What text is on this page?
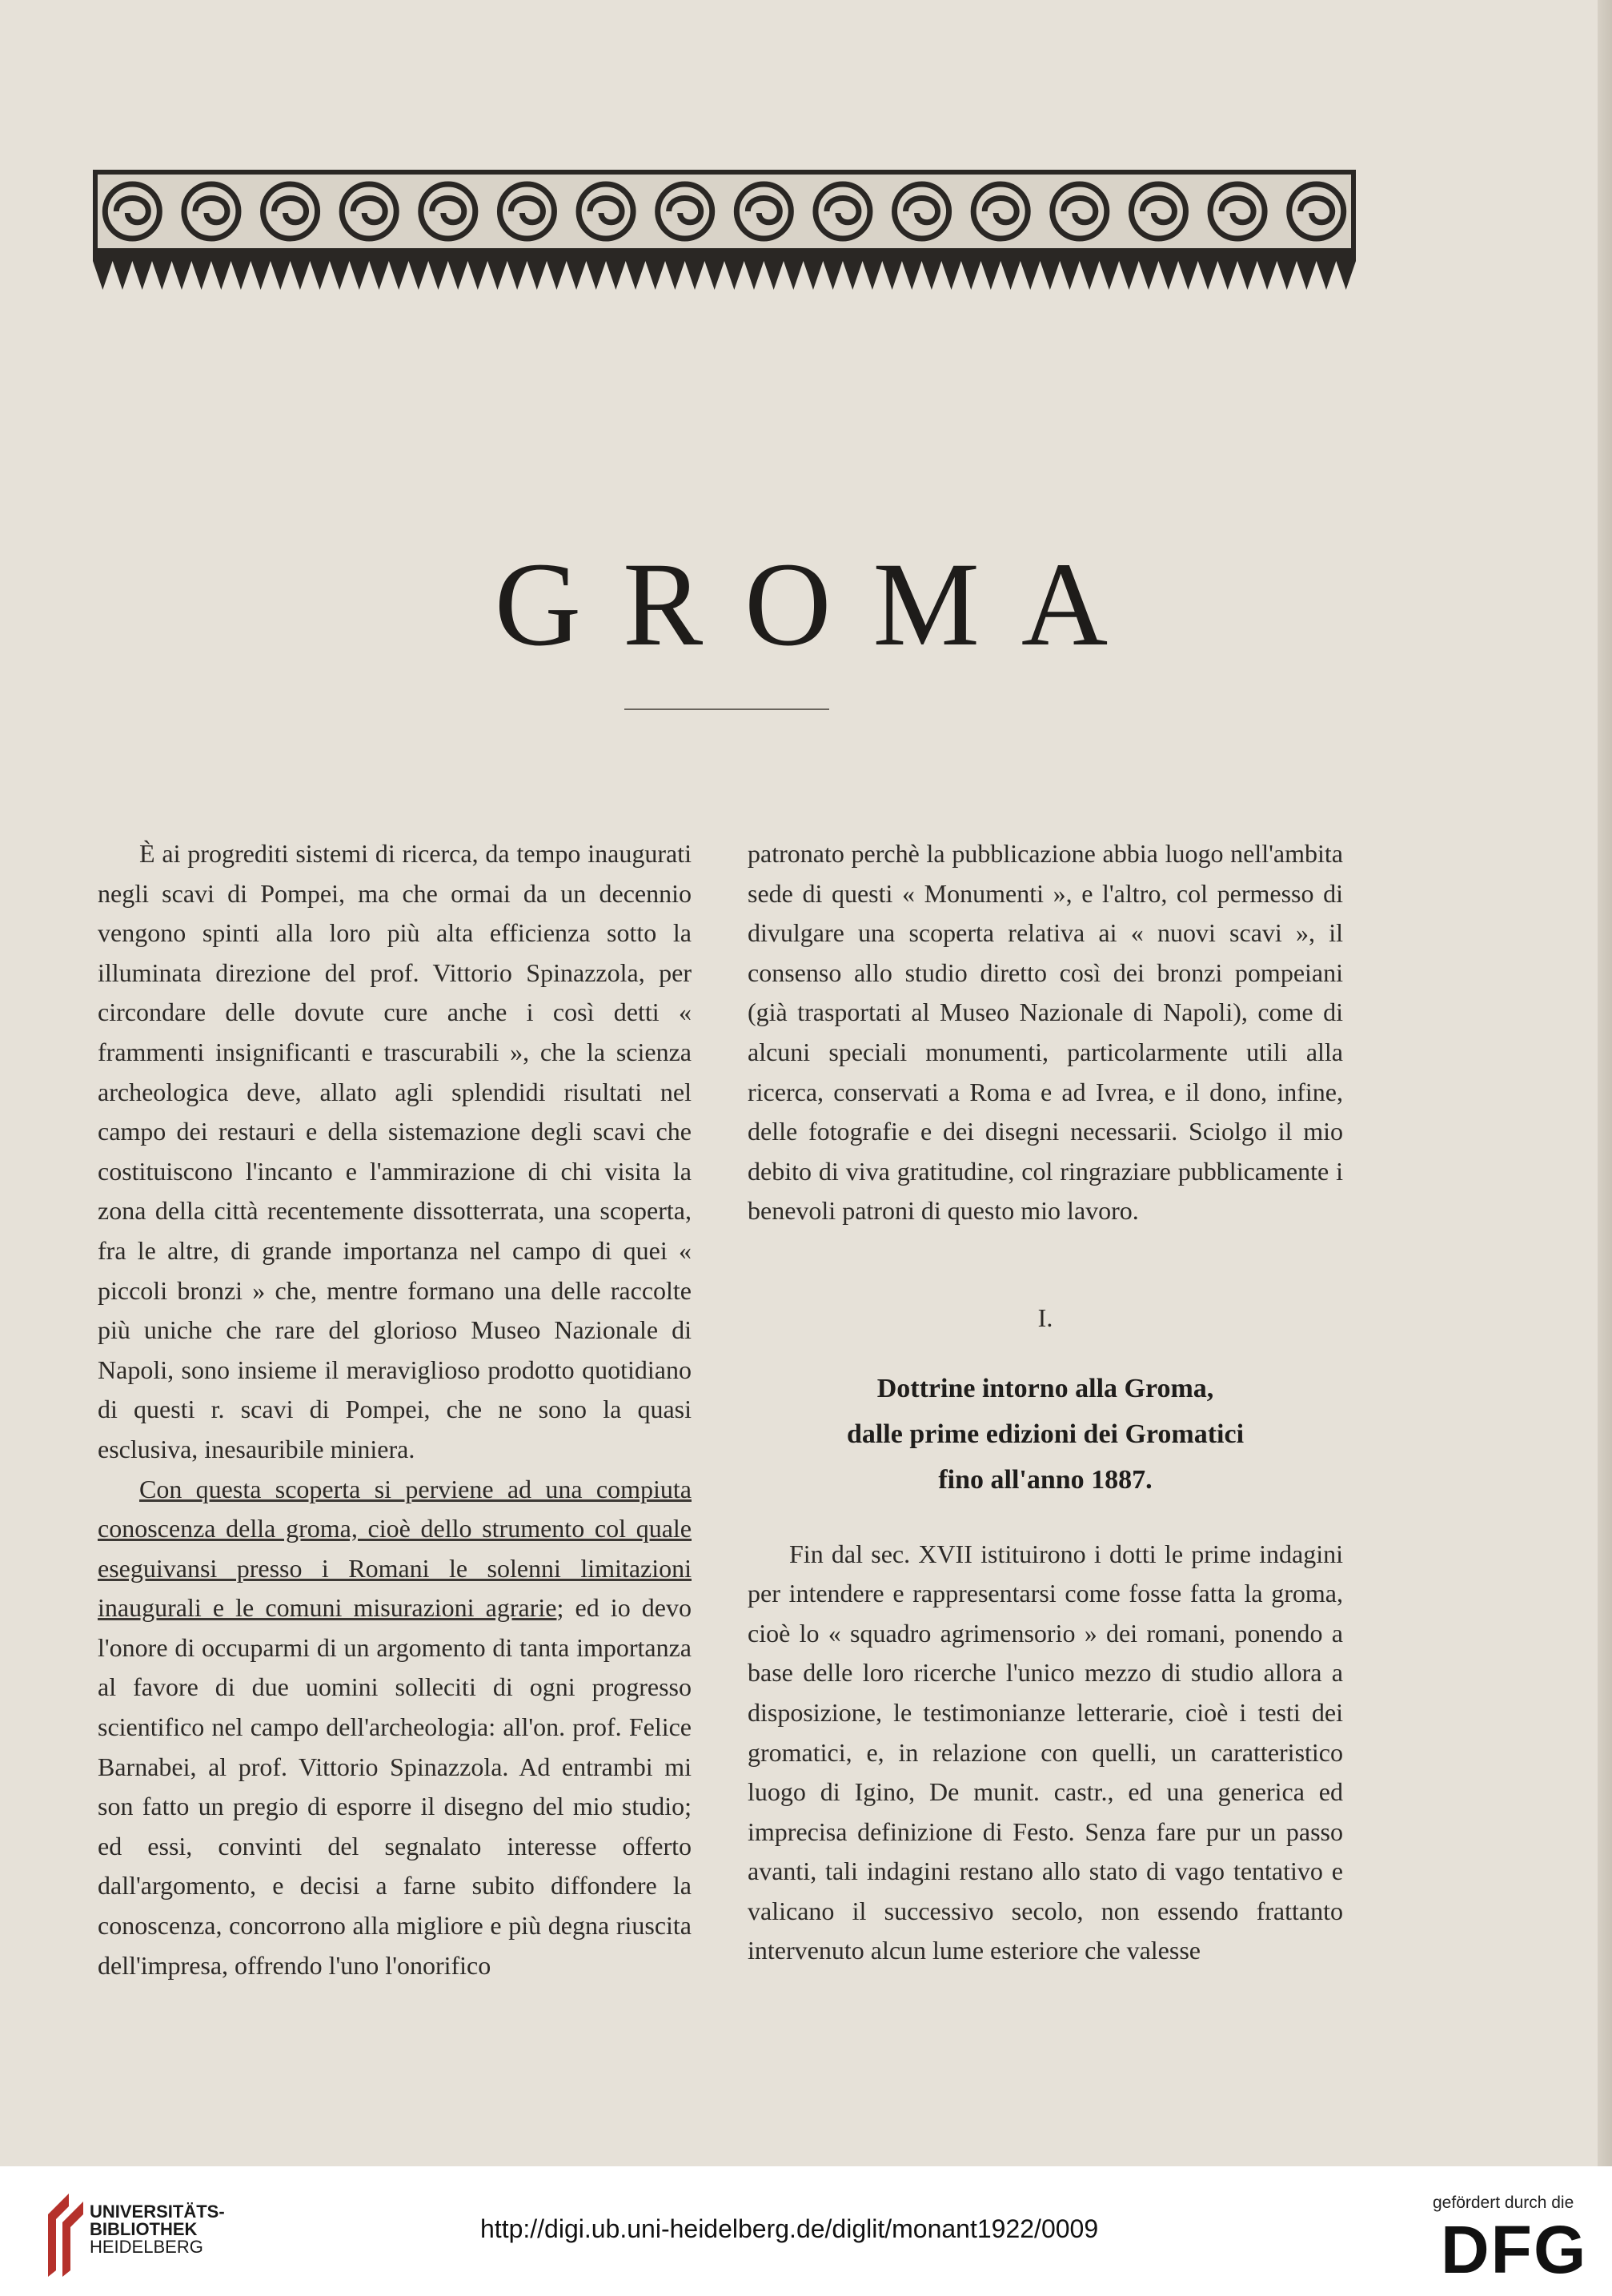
GROMA

È ai progrediti sistemi di ricerca, da tempo inaugurati negli scavi di Pompei, ma che ormai da un decennio vengono spinti alla loro più alta efficienza sotto la illuminata direzione del prof. Vittorio Spinazzola, per circondare delle dovute cure anche i così detti « frammenti insignificanti e trascurabili », che la scienza archeologica deve, allato agli splendidi risultati nel campo dei restauri e della sistemazione degli scavi che costituiscono l'incanto e l'ammirazione di chi visita la zona della città recentemente dissotterrata, una scoperta, fra le altre, di grande importanza nel campo di quei « piccoli bronzi » che, mentre formano una delle raccolte più uniche che rare del glorioso Museo Nazionale di Napoli, sono insieme il meraviglioso prodotto quotidiano di questi r. scavi di Pompei, che ne sono la quasi esclusiva, inesauribile miniera.

Con questa scoperta si perviene ad una compiuta conoscenza della groma, cioè dello strumento col quale eseguivansi presso i Romani le solenni limitazioni inaugurali e le comuni misurazioni agrarie; ed io devo l'onore di occuparmi di un argomento di tanta importanza al favore di due uomini solleciti di ogni progresso scientifico nel campo dell'archeologia: all'on. prof. Felice Barnabei, al prof. Vittorio Spinazzola. Ad entrambi mi son fatto un pregio di esporre il disegno del mio studio; ed essi, convinti del segnalato interesse offerto dall'argomento, e decisi a farne subito diffondere la conoscenza, concorrono alla migliore e più degna riuscita dell'impresa, offrendo l'uno l'onorifico

patronato perchè la pubblicazione abbia luogo nell'ambita sede di questi « Monumenti », e l'altro, col permesso di divulgare una scoperta relativa ai « nuovi scavi », il consenso allo studio diretto così dei bronzi pompeiani (già trasportati al Museo Nazionale di Napoli), come di alcuni speciali monumenti, particolarmente utili alla ricerca, conservati a Roma e ad Ivrea, e il dono, infine, delle fotografie e dei disegni necessarii. Sciolgo il mio debito di viva gratitudine, col ringraziare pubblicamente i benevoli patroni di questo mio lavoro.

I.
Dottrine intorno alla Groma,
dalle prime edizioni dei Gromatici
fino all'anno 1887.

Fin dal sec. XVII istituirono i dotti le prime indagini per intendere e rappresentarsi come fosse fatta la groma, cioè lo « squadro agrimensorio » dei romani, ponendo a base delle loro ricerche l'unico mezzo di studio allora a disposizione, le testimonianze letterarie, cioè i testi dei gromatici, e, in relazione con quelli, un caratteristico luogo di Igino, De munit. castr., ed una generica ed imprecisa definizione di Festo. Senza fare pur un passo avanti, tali indagini restano allo stato di vago tentativo e valicano il successivo secolo, non essendo frattanto intervenuto alcun lume esteriore che valesse

UNIVERSITÄTS-
BIBLIOTHEK
HEIDELBERG
http://digi.ub.uni-heidelberg.de/diglit/monant1922/0009
gefördert durch die
DFG
